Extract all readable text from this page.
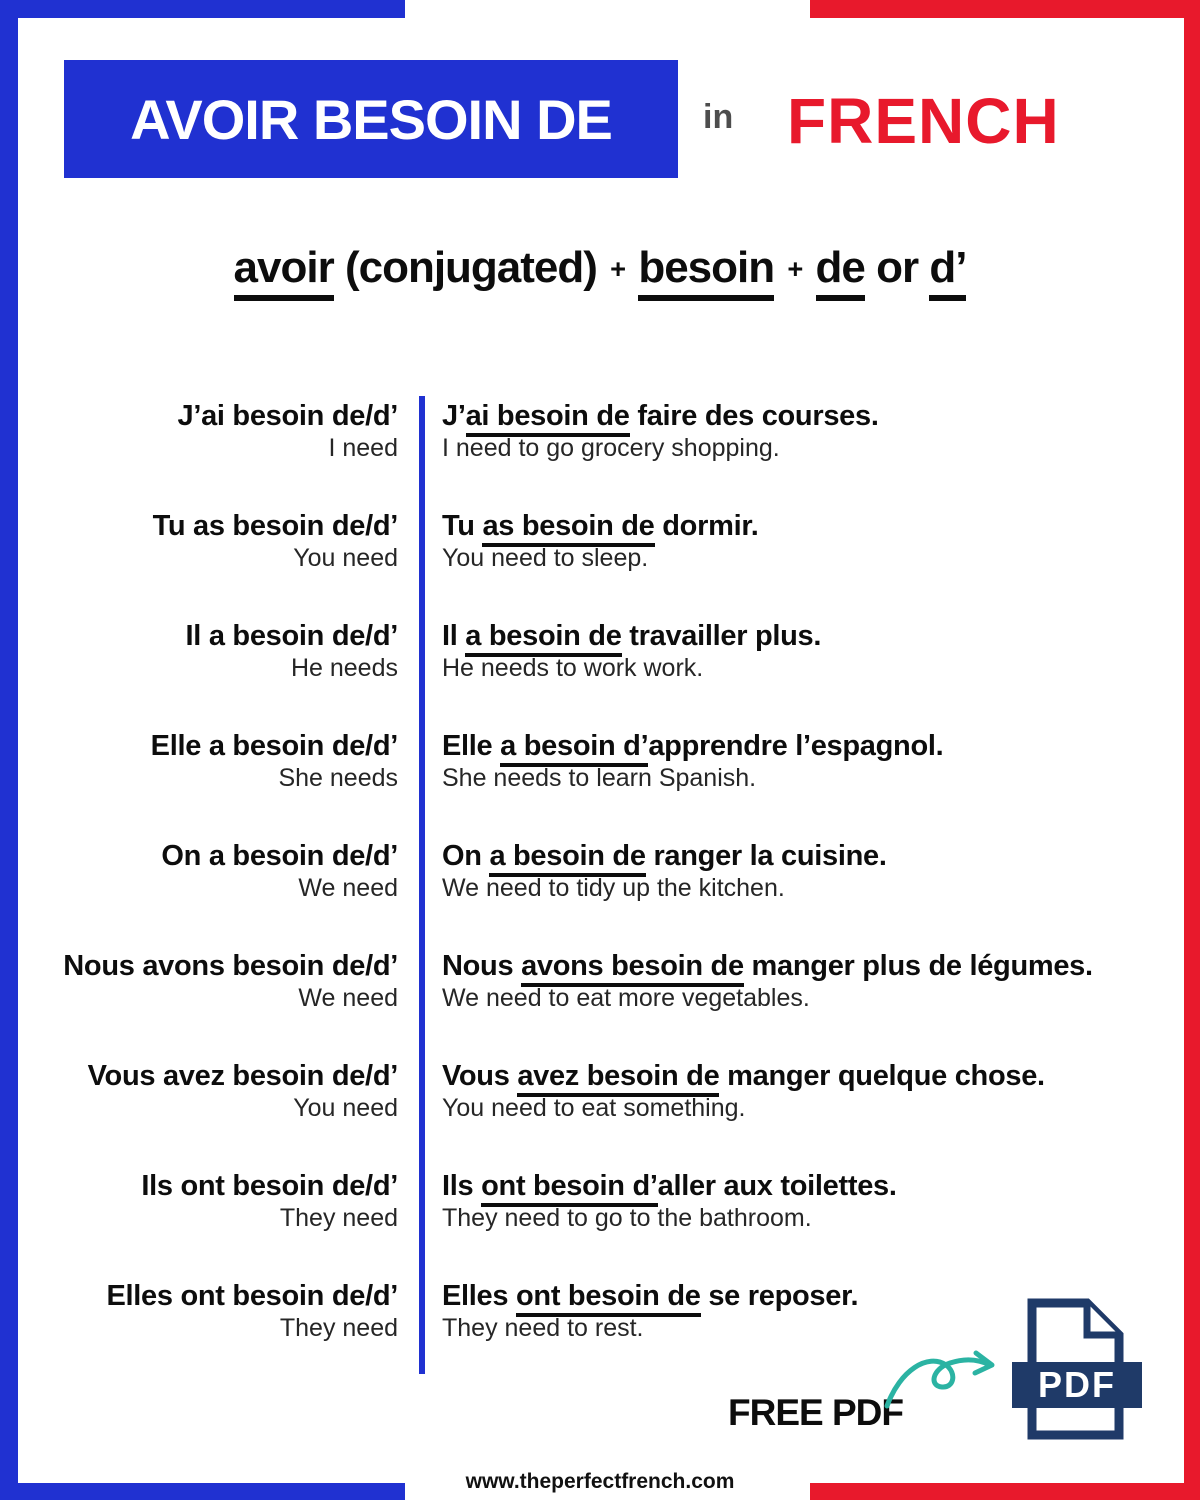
AVOIR BESOIN DE	in FRENCH
avoir (conjugated) + besoin + de or d’
J’ai besoin de/d’
I need
J’ai besoin de faire des courses.
I need to go grocery shopping.
Tu as besoin de/d’
You need
Tu as besoin de dormir.
You need to sleep.
Il a besoin de/d’
He needs
Il a besoin de travailler plus.
He needs to work work.
Elle a besoin de/d’
She needs
Elle a besoin d’apprendre l’espagnol.
She needs to learn Spanish.
On a besoin de/d’
We need
On a besoin de ranger la cuisine.
We need to tidy up the kitchen.
Nous avons besoin de/d’
We need
Nous avons besoin de manger plus de légumes.
We need to eat more vegetables.
Vous avez besoin de/d’
You need
Vous avez besoin de manger quelque chose.
You need to eat something.
Ils ont besoin de/d’
They need
Ils ont besoin d’aller aux toilettes.
They need to go to the bathroom.
Elles ont besoin de/d’
They need
Elles ont besoin de se reposer.
They need to rest.
FREE PDF
PDF
www.theperfectfrench.com
